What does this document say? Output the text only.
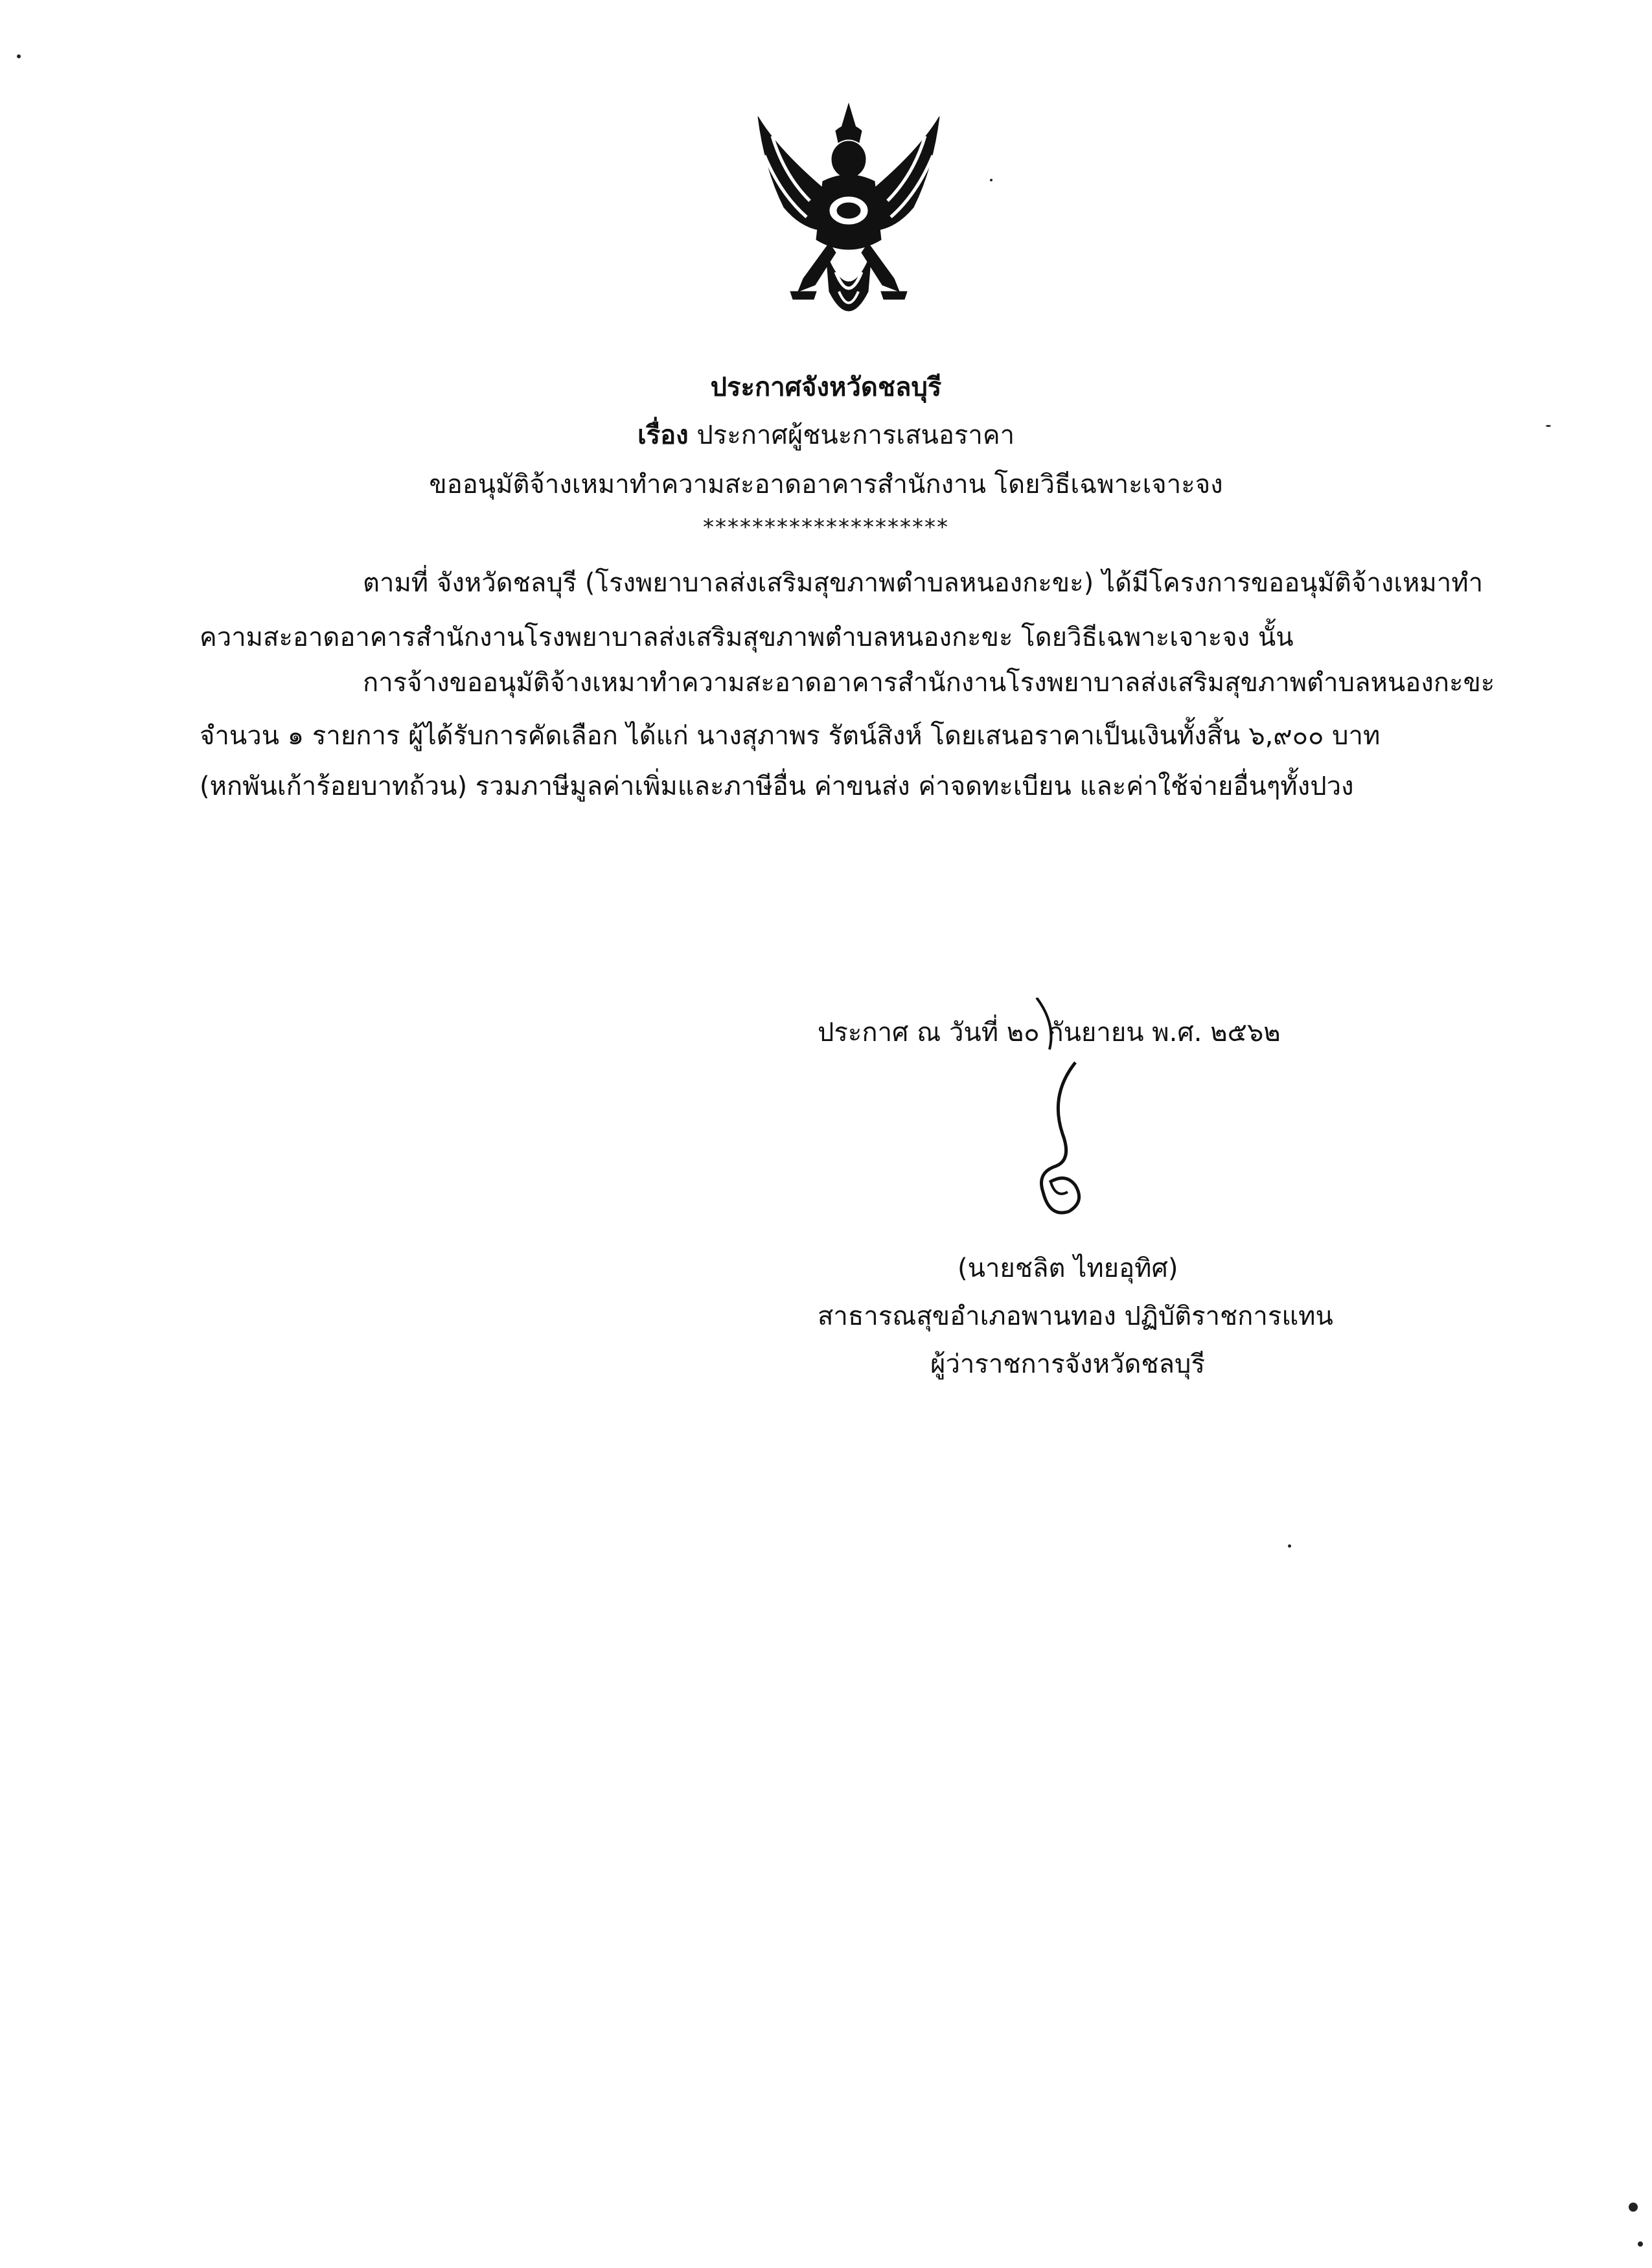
ประกาศจังหวัดชลบุรี
เรื่อง ประกาศผู้ชนะการเสนอราคา
ขออนุมัติจ้างเหมาทำความสะอาดอาคารสำนักงาน โดยวิธีเฉพาะเจาะจง
********************
ตามที่ จังหวัดชลบุรี (โรงพยาบาลส่งเสริมสุขภาพตำบลหนองกะขะ) ได้มีโครงการขออนุมัติจ้างเหมาทำ
ความสะอาดอาคารสำนักงานโรงพยาบาลส่งเสริมสุขภาพตำบลหนองกะขะ โดยวิธีเฉพาะเจาะจง นั้น
การจ้างขออนุมัติจ้างเหมาทำความสะอาดอาคารสำนักงานโรงพยาบาลส่งเสริมสุขภาพตำบลหนองกะขะ
จำนวน ๑ รายการ ผู้ได้รับการคัดเลือก ได้แก่ นางสุภาพร รัตน์สิงห์ โดยเสนอราคาเป็นเงินทั้งสิ้น ๖,๙๐๐ บาท
(หกพันเก้าร้อยบาทถ้วน) รวมภาษีมูลค่าเพิ่มและภาษีอื่น ค่าขนส่ง ค่าจดทะเบียน และค่าใช้จ่ายอื่นๆทั้งปวง
ประกาศ ณ วันที่ ๒๐ กันยายน พ.ศ. ๒๕๖๒
(นายชลิต ไทยอุทิศ)
สาธารณสุขอำเภอพานทอง ปฏิบัติราชการแทน
ผู้ว่าราชการจังหวัดชลบุรี
